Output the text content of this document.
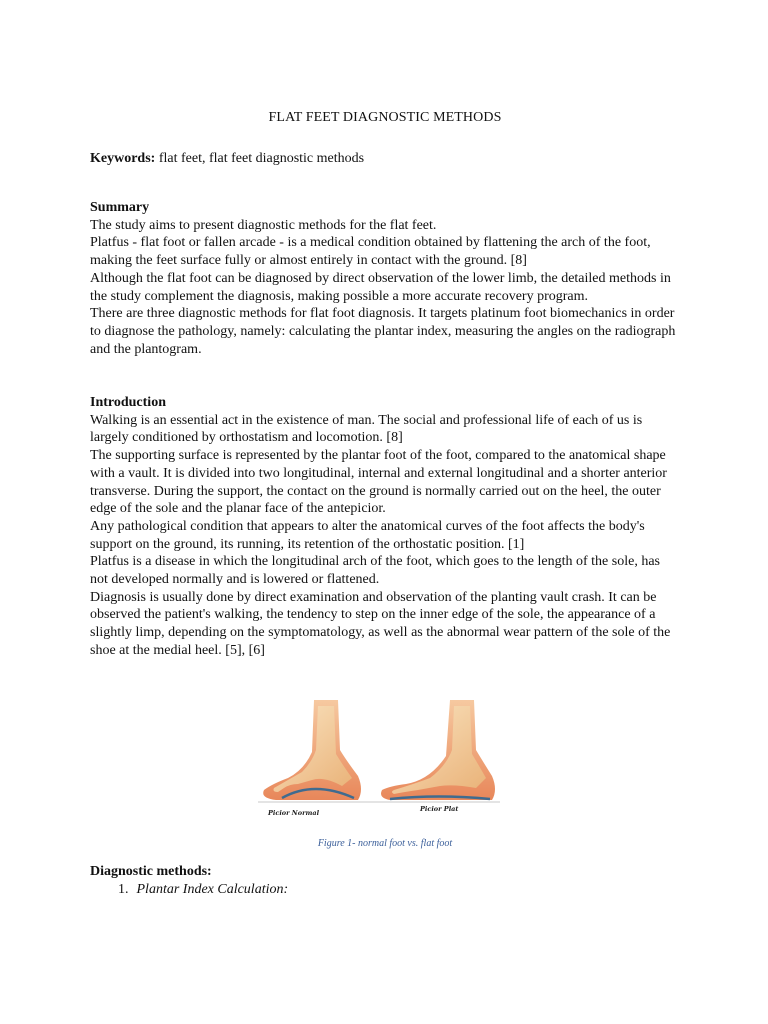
FLAT FEET DIAGNOSTIC METHODS
Keywords: flat feet, flat feet diagnostic methods
Summary

The study aims to present diagnostic methods for the flat feet.

Platfus - flat foot or fallen arcade - is a medical condition obtained by flattening the arch of the foot, making the feet surface fully or almost entirely in contact with the ground. [8]

Although the flat foot can be diagnosed by direct observation of the lower limb, the detailed methods in the study complement the diagnosis, making possible a more accurate recovery program.

There are three diagnostic methods for flat foot diagnosis. It targets platinum foot biomechanics in order to diagnose the pathology, namely: calculating the plantar index, measuring the angles on the radiograph and the plantogram.

Introduction

Walking is an essential act in the existence of man. The social and professional life of each of us is largely conditioned by orthostatism and locomotion. [8]

The supporting surface is represented by the plantar foot of the foot, compared to the anatomical shape with a vault. It is divided into two longitudinal, internal and external longitudinal and a shorter anterior transverse. During the support, the contact on the ground is normally carried out on the heel, the outer edge of the sole and the planar face of the antepicior.

Any pathological condition that appears to alter the anatomical curves of the foot affects the body's support on the ground, its running, its retention of the orthostatic position. [1]

Platfus is a disease in which the longitudinal arch of the foot, which goes to the length of the sole, has not developed normally and is lowered or flattened.

Diagnosis is usually done by direct examination and observation of the planting vault crash. It can be observed the patient's walking, the tendency to step on the inner edge of the sole, the appearance of a slightly limp, depending on the symptomatology, as well as the abnormal wear pattern of the sole of the shoe at the medial heel. [5], [6]

Picior Normal	Picior Plat
Figure 1- normal foot vs. flat foot
Diagnostic methods:
1. Plantar Index Calculation:
